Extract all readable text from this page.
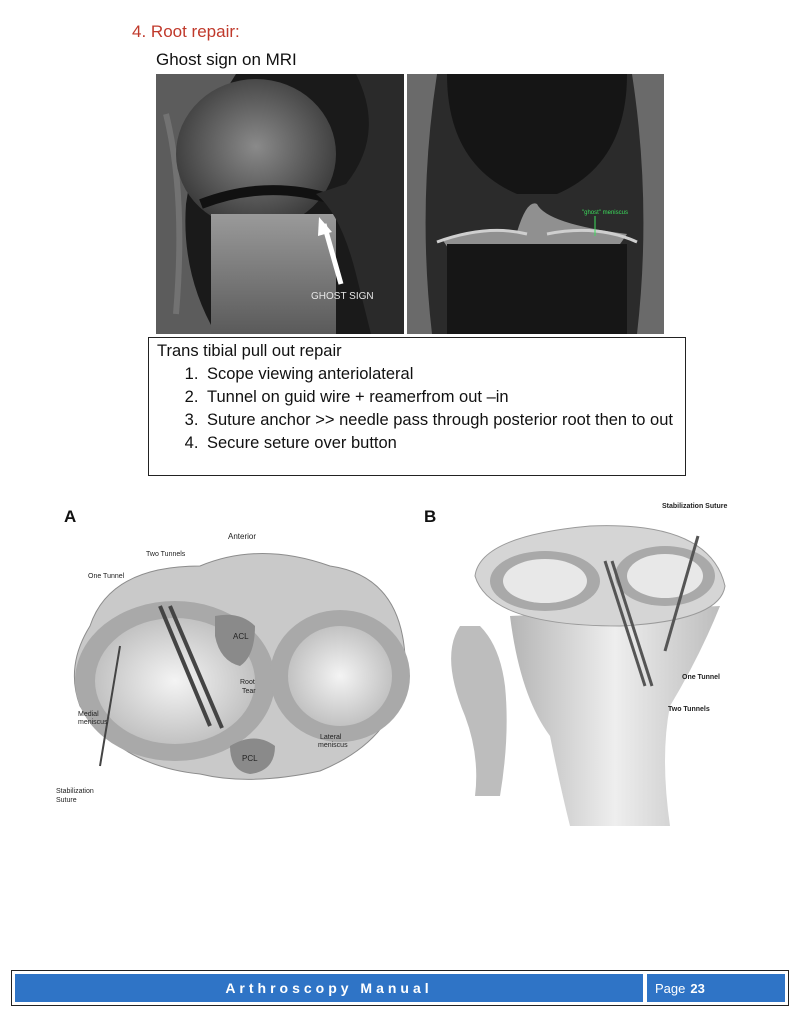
4. Root repair:
Ghost sign on MRI
GHOST SIGN
"ghost" meniscus
Trans tibial pull out repair
1. Scope viewing anteriolateral
2. Tunnel on guid wire + reamerfrom out –in
3. Suture anchor >> needle pass through posterior root then to out
4. Secure seture over button
A
Anterior
Two Tunnels
One Tunnel
ACL
Root
Tear
Medial
meniscus
Lateral
meniscus
PCL
Stabilization
Suture
B
Stabilization Suture
One Tunnel
Two Tunnels
Arthroscopy Manual	Page 23
